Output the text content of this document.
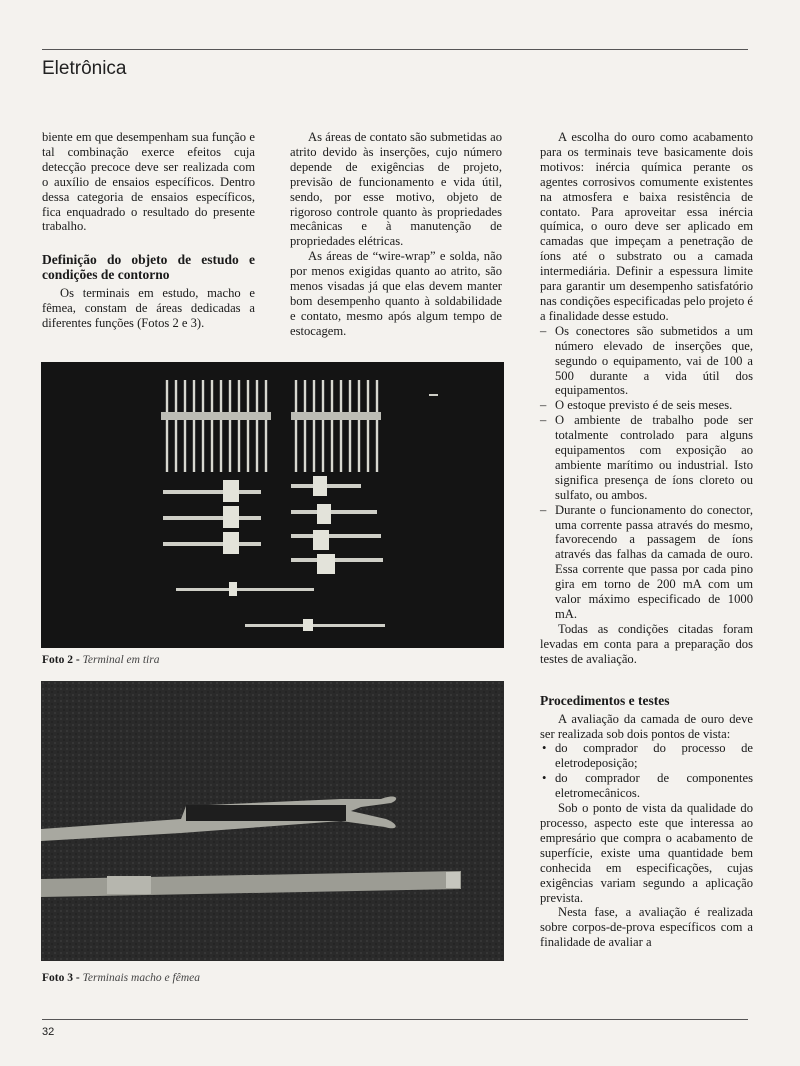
Eletrônica

biente em que desempenham sua função e tal combinação exerce efeitos cuja detecção precoce deve ser realizada com o auxílio de ensaios específicos. Dentro dessa categoria de ensaios específicos, fica enquadrado o resultado do presente trabalho.

Definição do objeto de estudo e condições de contorno

Os terminais em estudo, macho e fêmea, constam de áreas dedicadas a diferentes funções (Fotos 2 e 3).

As áreas de contato são submetidas ao atrito devido às inserções, cujo número depende de exigências de projeto, previsão de funcionamento e vida útil, sendo, por esse motivo, objeto de rigoroso controle quanto às propriedades mecânicas e à manutenção de propriedades elétricas.

As áreas de “wire-wrap” e solda, não por menos exigidas quanto ao atrito, são menos visadas já que elas devem manter bom desempenho quanto à soldabilidade e contato, mesmo após algum tempo de estocagem.

A escolha do ouro como acabamento para os terminais teve basicamente dois motivos: inércia química perante os agentes corrosivos comumente existentes na atmosfera e baixa resistência de contato. Para aproveitar essa inércia química, o ouro deve ser aplicado em camadas que impeçam a penetração de íons até o substrato ou a camada intermediária. Definir a espessura limite para garantir um desempenho satisfatório nas condições especificadas pelo projeto é a finalidade desse estudo.

– Os conectores são submetidos a um número elevado de inserções que, segundo o equipamento, vai de 100 a 500 durante a vida útil dos equipamentos.
– O estoque previsto é de seis meses.
– O ambiente de trabalho pode ser totalmente controlado para alguns equipamentos com exposição ao ambiente marítimo ou industrial. Isto significa presença de íons cloreto ou sulfato, ou ambos.
– Durante o funcionamento do conector, uma corrente passa através do mesmo, favorecendo a passagem de íons através das falhas da camada de ouro. Essa corrente que passa por cada pino gira em torno de 200 mA com um valor máximo especificado de 1000 mA.

Todas as condições citadas foram levadas em conta para a preparação dos testes de avaliação.

Procedimentos e testes

A avaliação da camada de ouro deve ser realizada sob dois pontos de vista:

• do comprador do processo de eletrodeposição;
• do comprador de componentes eletromecânicos.

Sob o ponto de vista da qualidade do processo, aspecto este que interessa ao empresário que compra o acabamento de superfície, existe uma quantidade bem conhecida em especificações, cujas exigências variam segundo a aplicação prevista.

Nesta fase, a avaliação é realizada sobre corpos-de-prova específicos com a finalidade de avaliar a

Foto 2 - Terminal em tira
Foto 3 - Terminais macho e fêmea
32
